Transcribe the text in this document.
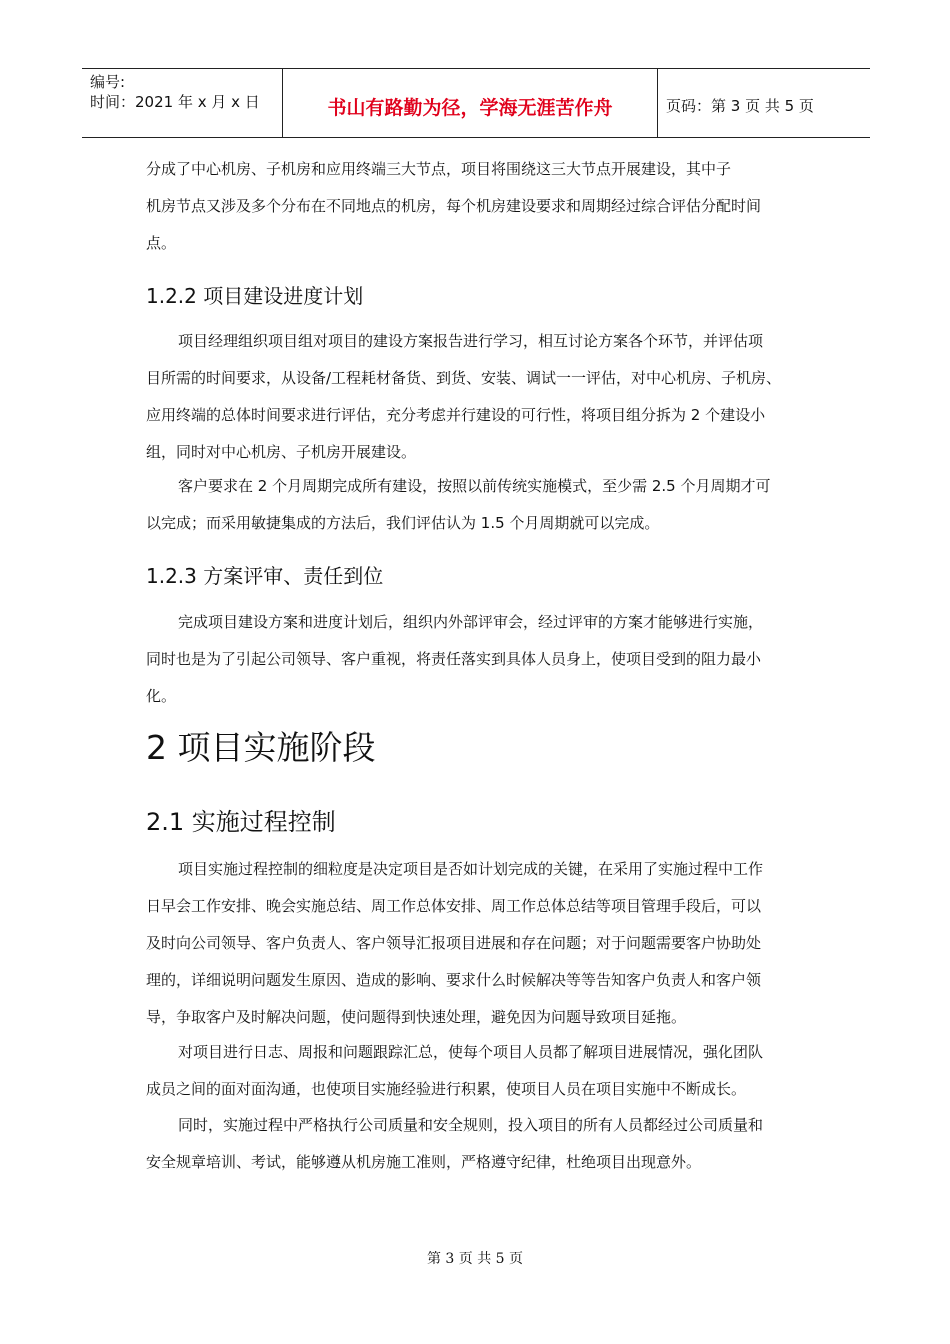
编号:
时间：2021 年 x 月 x 日	书山有路勤为径，学海无涯苦作舟	页码：第 3 页 共 5 页
分成了中心机房、子机房和应用终端三大节点，项目将围绕这三大节点开展建设，其中子
机房节点又涉及多个分布在不同地点的机房，每个机房建设要求和周期经过综合评估分配时间
点。
1.2.2 项目建设进度计划
项目经理组织项目组对项目的建设方案报告进行学习，相互讨论方案各个环节，并评估项
目所需的时间要求，从设备/工程耗材备货、到货、安装、调试一一评估，对中心机房、子机房、
应用终端的总体时间要求进行评估，充分考虑并行建设的可行性，将项目组分拆为 2 个建设小
组，同时对中心机房、子机房开展建设。
客户要求在 2 个月周期完成所有建设，按照以前传统实施模式，至少需 2.5 个月周期才可
以完成；而采用敏捷集成的方法后，我们评估认为 1.5 个月周期就可以完成。
1.2.3 方案评审、责任到位
完成项目建设方案和进度计划后，组织内外部评审会，经过评审的方案才能够进行实施，
同时也是为了引起公司领导、客户重视，将责任落实到具体人员身上，使项目受到的阻力最小
化。
2 项目实施阶段
2.1 实施过程控制
项目实施过程控制的细粒度是决定项目是否如计划完成的关键，在采用了实施过程中工作
日早会工作安排、晚会实施总结、周工作总体安排、周工作总体总结等项目管理手段后，可以
及时向公司领导、客户负责人、客户领导汇报项目进展和存在问题；对于问题需要客户协助处
理的，详细说明问题发生原因、造成的影响、要求什么时候解决等等告知客户负责人和客户领
导，争取客户及时解决问题，使问题得到快速处理，避免因为问题导致项目延拖。
对项目进行日志、周报和问题跟踪汇总，使每个项目人员都了解项目进展情况，强化团队
成员之间的面对面沟通，也使项目实施经验进行积累，使项目人员在项目实施中不断成长。
同时，实施过程中严格执行公司质量和安全规则，投入项目的所有人员都经过公司质量和
安全规章培训、考试，能够遵从机房施工准则，严格遵守纪律，杜绝项目出现意外。
第 3 页 共 5 页
